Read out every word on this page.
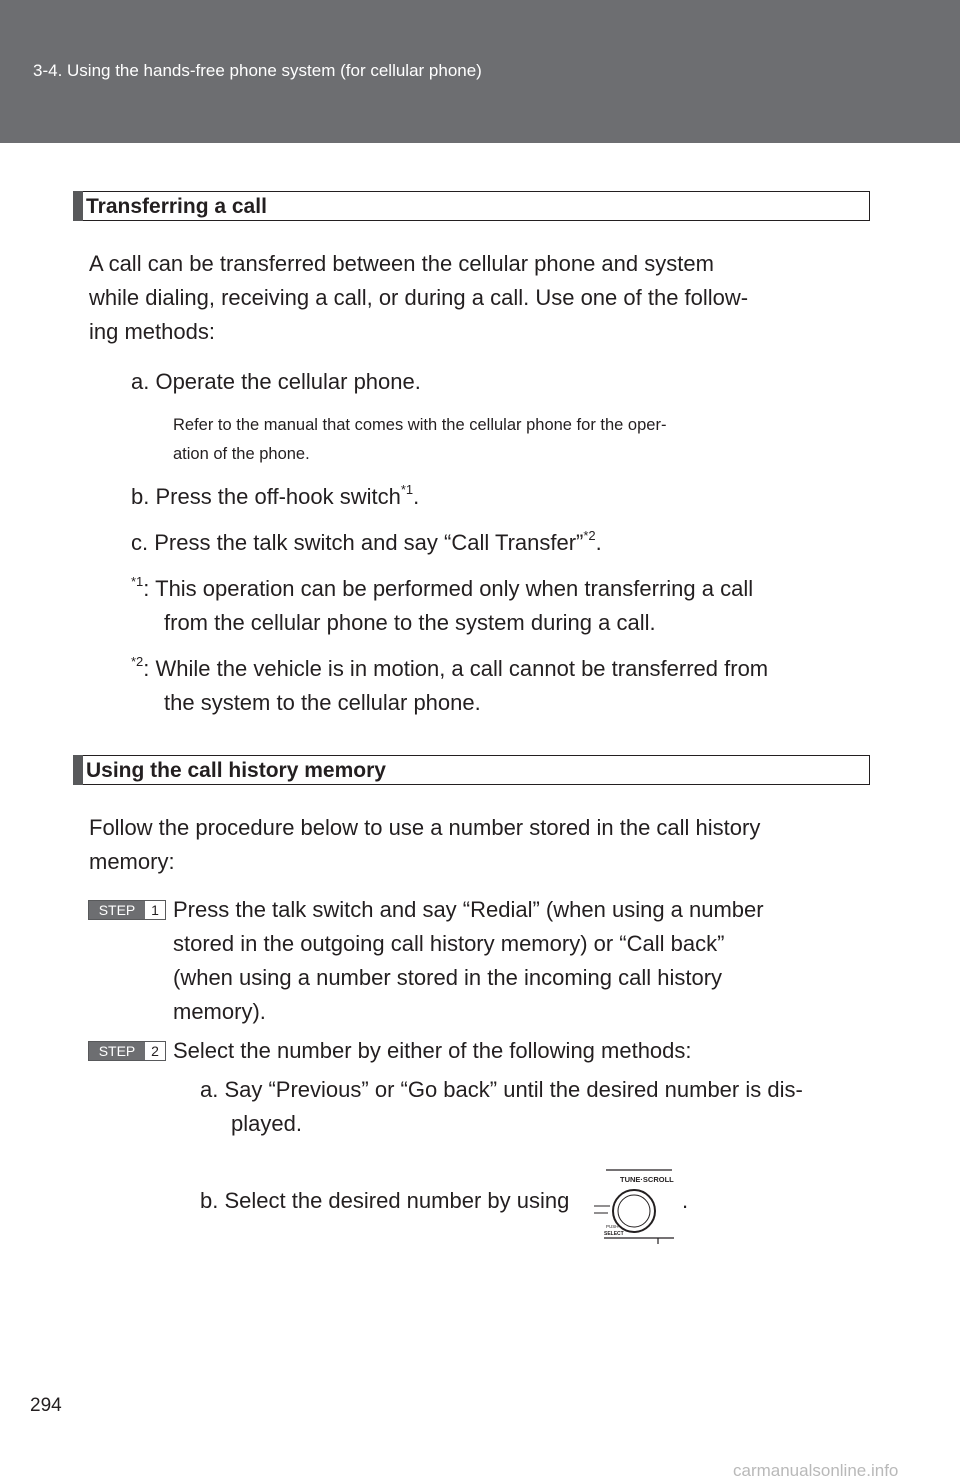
3-4. Using the hands-free phone system (for cellular phone)
Transferring a call
A call can be transferred between the cellular phone and system
while dialing, receiving a call, or during a call. Use one of the follow-
ing methods:
a. Operate the cellular phone.
Refer to the manual that comes with the cellular phone for the oper-
ation of the phone.
b. Press the off-hook switch$^{*1}$.
c. Press the talk switch and say “Call Transfer”$^{*2}$.
$^{*1}$: This operation can be performed only when transferring a call
from the cellular phone to the system during a call.
$^{*2}$: While the vehicle is in motion, a call cannot be transferred from
the system to the cellular phone.
Using the call history memory
Follow the procedure below to use a number stored in the call history
memory:
STEP	1 Press the talk switch and say “Redial” (when using a number
stored in the outgoing call history memory) or “Call back”
(when using a number stored in the incoming call history
memory).
STEP	2 Select the number by either of the following methods:
a. Say “Previous” or “Go back” until the desired number is dis-
played.
b. Select the desired number by using
TUNE·SCROLL
PUSH
SELECT
.
294
carmanualsonline.info
